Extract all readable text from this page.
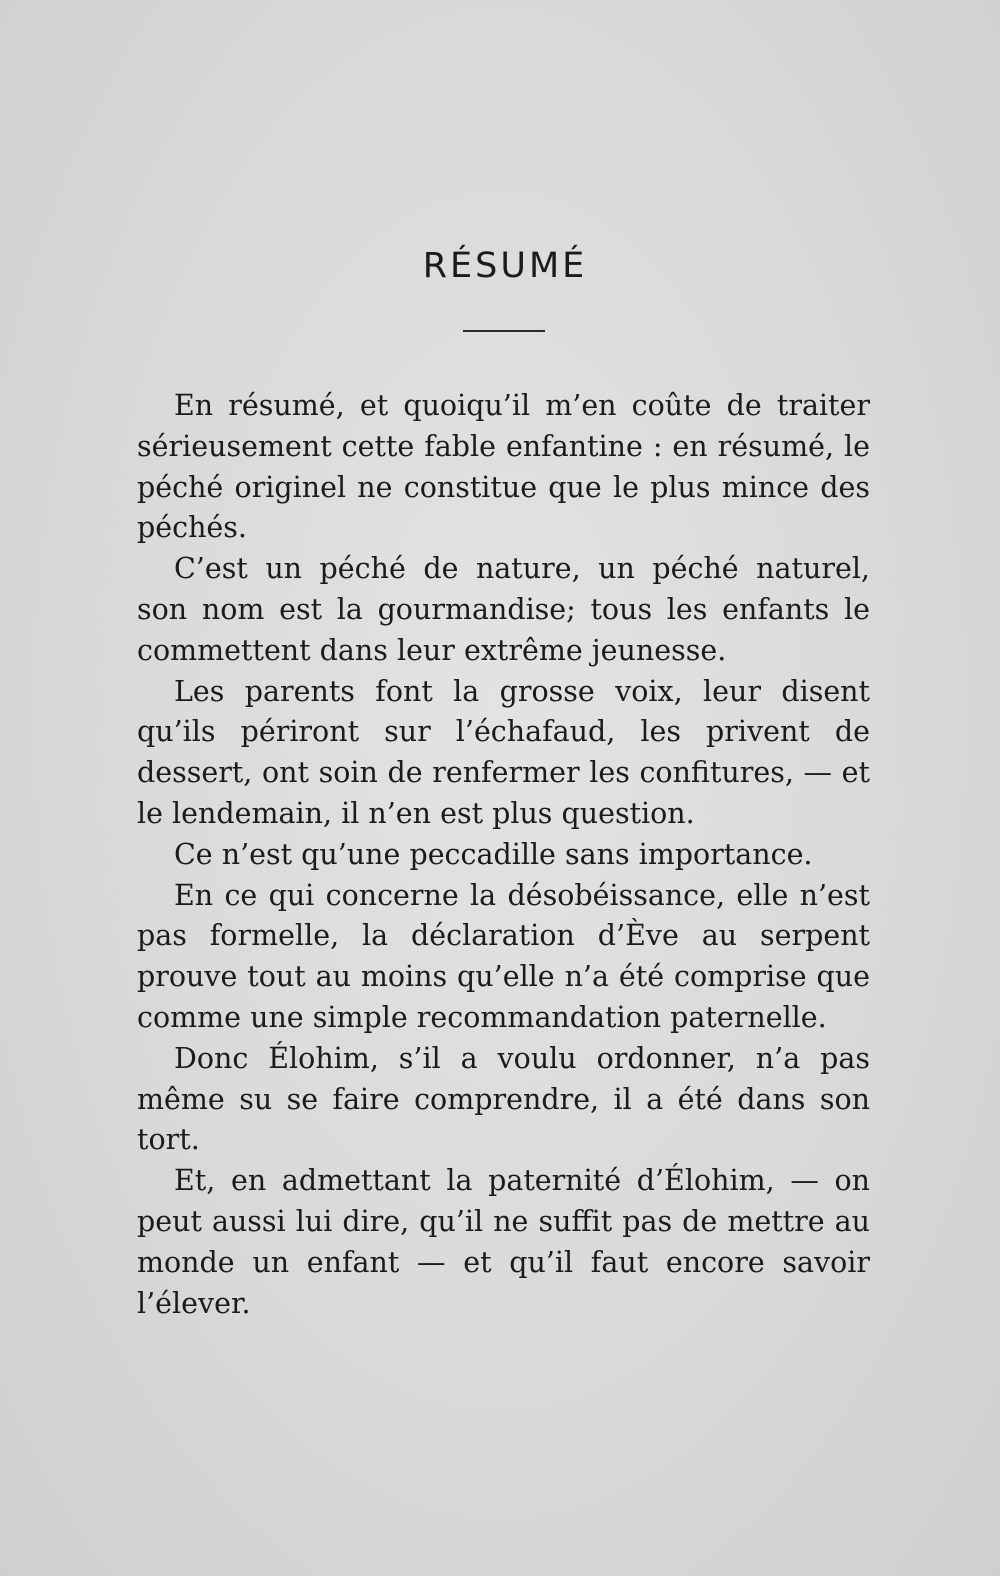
RÉSUMÉ

En résumé, et quoiqu’il m’en coûte de traiter sérieusement cette fable enfantine : en résumé, le péché originel ne constitue que le plus mince des péchés.

C’est un péché de nature, un péché naturel, son nom est la gourmandise; tous les enfants le commettent dans leur extrême jeunesse.

Les parents font la grosse voix, leur disent qu’ils périront sur l’échafaud, les privent de dessert, ont soin de renfermer les confitures, — et le lendemain, il n’en est plus question.

Ce n’est qu’une peccadille sans importance.

En ce qui concerne la désobéissance, elle n’est pas formelle, la déclaration d’Ève au serpent prouve tout au moins qu’elle n’a été comprise que comme une simple recommandation paternelle.

Donc Élohim, s’il a voulu ordonner, n’a pas même su se faire comprendre, il a été dans son tort.

Et, en admettant la paternité d’Élohim, — on peut aussi lui dire, qu’il ne suffit pas de mettre au monde un enfant — et qu’il faut encore savoir l’élever.
